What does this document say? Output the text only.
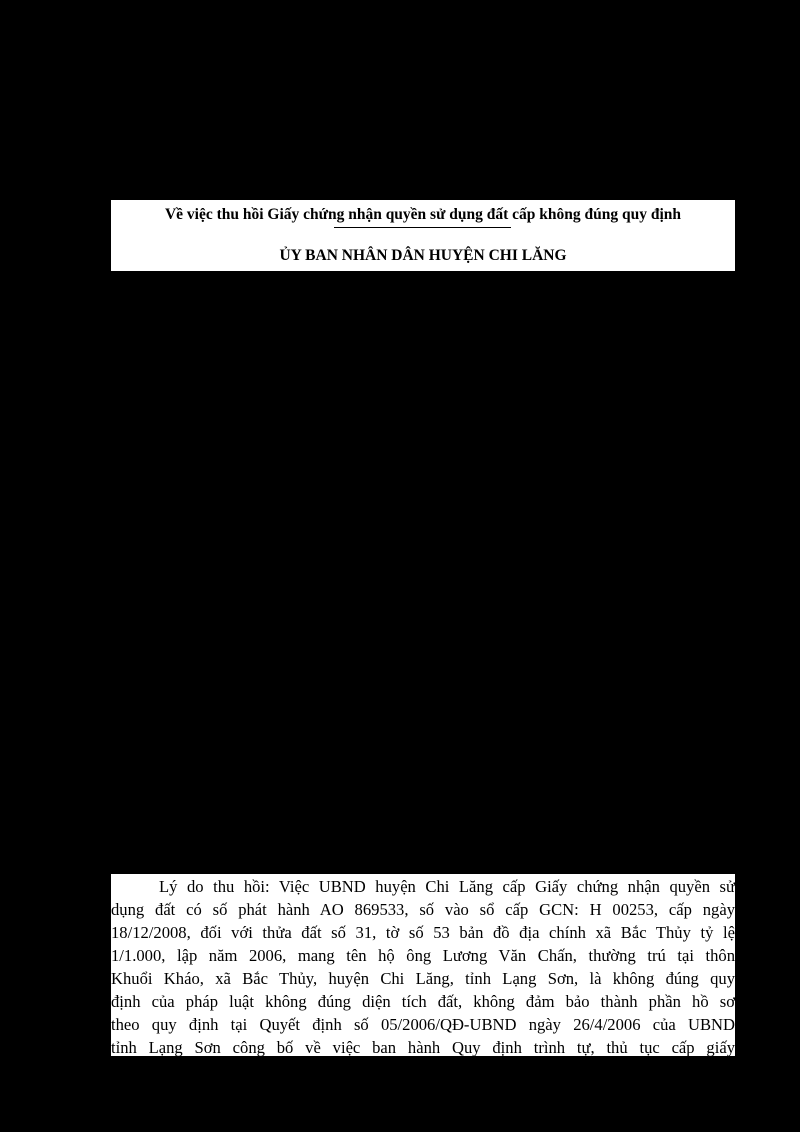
Về việc thu hồi Giấy chứng nhận quyền sử dụng đất cấp không đúng quy định
ỦY BAN NHÂN DÂN HUYỆN CHI LĂNG
Lý do thu hồi: Việc UBND huyện Chi Lăng cấp Giấy chứng nhận quyền sử
dụng đất có số phát hành AO 869533, số vào sổ cấp GCN: H 00253, cấp ngày
18/12/2008, đối với thửa đất số 31, tờ số 53 bản đồ địa chính xã Bắc Thủy tỷ lệ
1/1.000, lập năm 2006, mang tên hộ ông Lương Văn Chấn, thường trú tại thôn
Khuổi Kháo, xã Bắc Thủy, huyện Chi Lăng, tỉnh Lạng Sơn, là không đúng quy
định của pháp luật không đúng diện tích đất, không đảm bảo thành phần hồ sơ
theo quy định tại Quyết định số 05/2006/QĐ-UBND ngày 26/4/2006 của UBND
tỉnh Lạng Sơn công bố về việc ban hành Quy định trình tự, thủ tục cấp giấy
